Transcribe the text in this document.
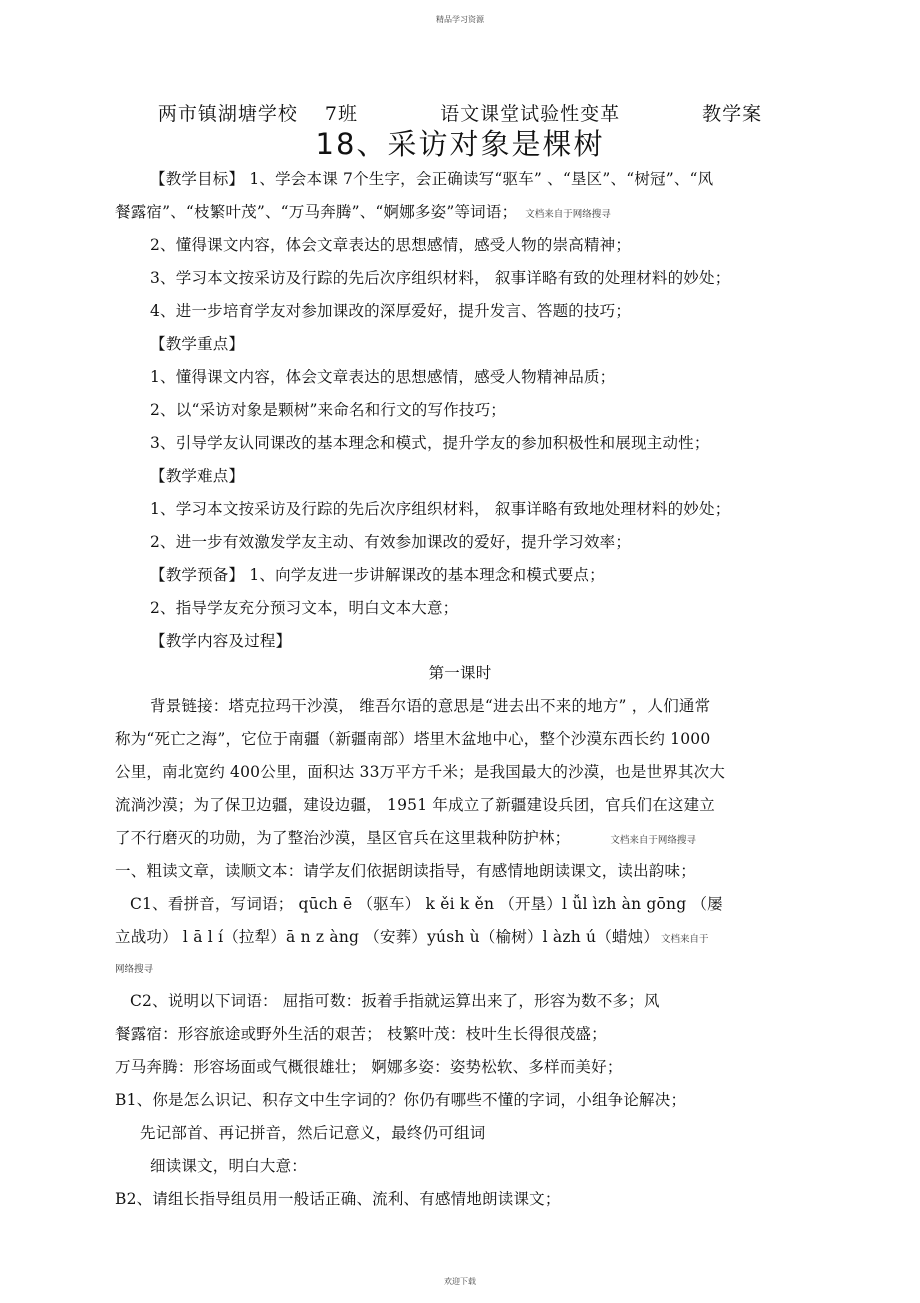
精品学习资源
两市镇湖塘学校 7班	语文课堂试验性变革	教学案
18、采访对象是棵树
【教学目标】 1、学会本课 7个生字，会正确读写“驱车” 、“垦区”、“树冠”、“风
餐露宿”、“枝繁叶茂”、“万马奔腾”、“婀娜多姿”等词语； 文档来自于网络搜寻
2、懂得课文内容，体会文章表达的思想感情，感受人物的崇高精神；
3、学习本文按采访及行踪的先后次序组织材料， 叙事详略有致的处理材料的妙处；
4、进一步培育学友对参加课改的深厚爱好，提升发言、答题的技巧；
【教学重点】
1、懂得课文内容，体会文章表达的思想感情，感受人物精神品质；
2、以“采访对象是颗树”来命名和行文的写作技巧；
3、引导学友认同课改的基本理念和模式，提升学友的参加积极性和展现主动性；
【教学难点】
1、学习本文按采访及行踪的先后次序组织材料， 叙事详略有致地处理材料的妙处；
2、进一步有效激发学友主动、有效参加课改的爱好，提升学习效率；
【教学预备】 1、向学友进一步讲解课改的基本理念和模式要点；
2、指导学友充分预习文本，明白文本大意；
【教学内容及过程】
第一课时
背景链接：塔克拉玛干沙漠， 维吾尔语的意思是“进去出不来的地方” ，人们通常
称为“死亡之海”，它位于南疆（新疆南部）塔里木盆地中心，整个沙漠东西长约 1000
公里，南北宽约 400公里，面积达 33万平方千米；是我国最大的沙漠，也是世界其次大
流淌沙漠；为了保卫边疆，建设边疆， 1951 年成立了新疆建设兵团，官兵们在这建立
了不行磨灭的功勋，为了整治沙漠，垦区官兵在这里栽种防护林；	文档来自于网络搜寻
一、粗读文章，读顺文本：请学友们依据朗读指导，有感情地朗读课文，读出韵味；
C1、看拼音，写词语； qūch ē （驱车） k ěi k ěn （开垦）l ǚl ìzh àn gōng （屡
立战功） l ā l í（拉犁）ā n z àng （安葬）yúsh ù（榆树）l àzh ú（蜡烛） 文档来自于
网络搜寻
C2、说明以下词语： 屈指可数：扳着手指就运算出来了，形容为数不多；风
餐露宿：形容旅途或野外生活的艰苦； 枝繁叶茂：枝叶生长得很茂盛；
万马奔腾：形容场面或气概很雄壮； 婀娜多姿：姿势松软、多样而美好；
B1、你是怎么识记、积存文中生字词的？你仍有哪些不懂的字词，小组争论解决；
先记部首、再记拼音，然后记意义，最终仍可组词
细读课文，明白大意：
B2、请组长指导组员用一般话正确、流利、有感情地朗读课文；
欢迎下载
